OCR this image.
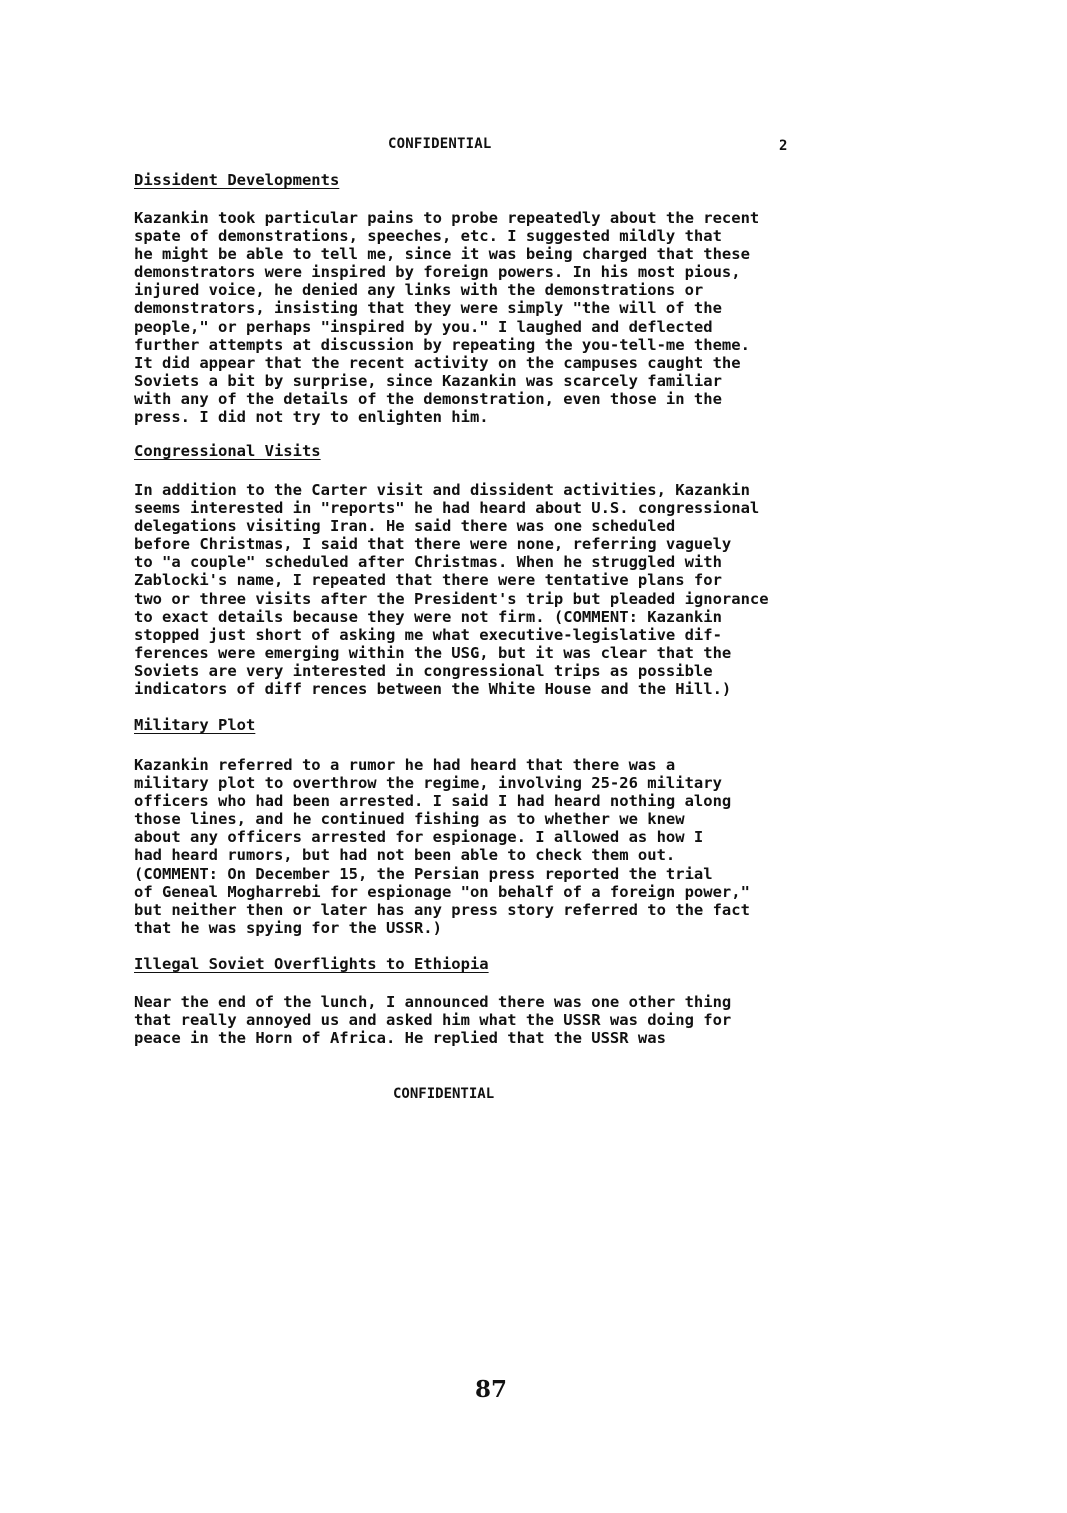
CONFIDENTIAL	2
Dissident Developments
Kazankin took particular pains to probe repeatedly about the recent
spate of demonstrations, speeches, etc. I suggested mildly that
he might be able to tell me, since it was being charged that these
demonstrators were inspired by foreign powers. In his most pious,
injured voice, he denied any links with the demonstrations or
demonstrators, insisting that they were simply "the will of the
people," or perhaps "inspired by you." I laughed and deflected
further attempts at discussion by repeating the you-tell-me theme.
It did appear that the recent activity on the campuses caught the
Soviets a bit by surprise, since Kazankin was scarcely familiar
with any of the details of the demonstration, even those in the
press. I did not try to enlighten him.
Congressional Visits
In addition to the Carter visit and dissident activities, Kazankin
seems interested in "reports" he had heard about U.S. congressional
delegations visiting Iran. He said there was one scheduled
before Christmas, I said that there were none, referring vaguely
to "a couple" scheduled after Christmas. When he struggled with
Zablocki's name, I repeated that there were tentative plans for
two or three visits after the President's trip but pleaded ignorance
to exact details because they were not firm. (COMMENT: Kazankin
stopped just short of asking me what executive-legislative dif-
ferences were emerging within the USG, but it was clear that the
Soviets are very interested in congressional trips as possible
indicators of diff rences between the White House and the Hill.)
Military Plot
Kazankin referred to a rumor he had heard that there was a
military plot to overthrow the regime, involving 25-26 military
officers who had been arrested. I said I had heard nothing along
those lines, and he continued fishing as to whether we knew
about any officers arrested for espionage. I allowed as how I
had heard rumors, but had not been able to check them out.
(COMMENT: On December 15, the Persian press reported the trial
of Geneal Mogharrebi for espionage "on behalf of a foreign power,"
but neither then or later has any press story referred to the fact
that he was spying for the USSR.)
Illegal Soviet Overflights to Ethiopia
Near the end of the lunch, I announced there was one other thing
that really annoyed us and asked him what the USSR was doing for
peace in the Horn of Africa. He replied that the USSR was
CONFIDENTIAL
87
